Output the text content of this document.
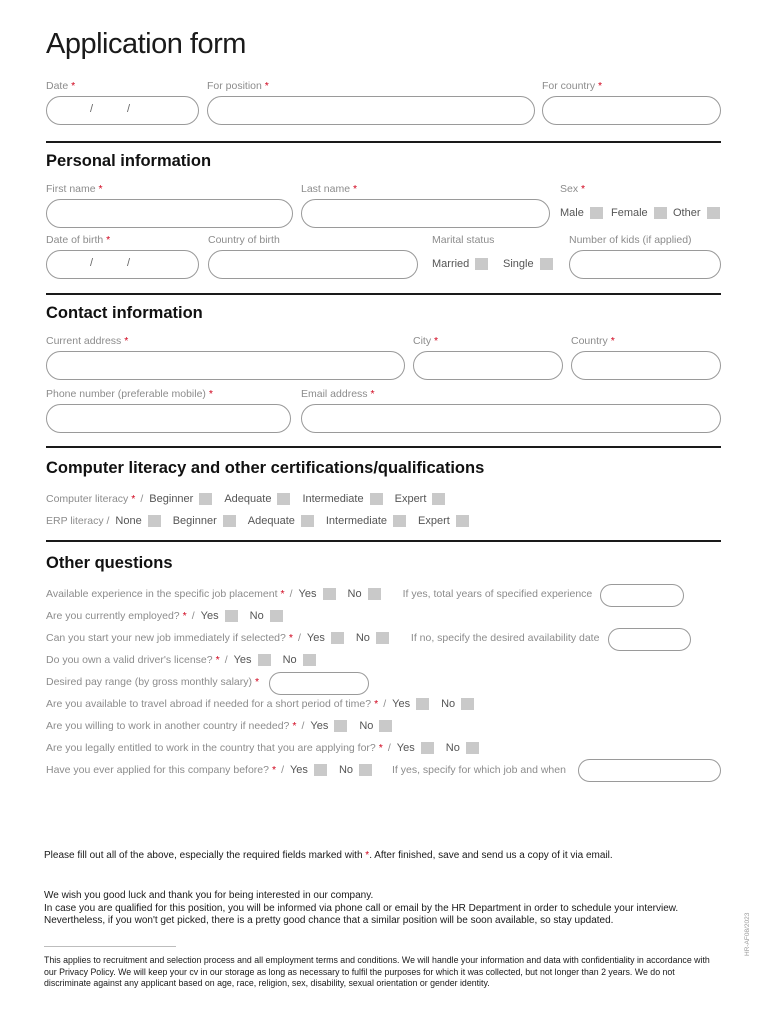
Application form
Date *
/	/
For position *	For country *
Personal information
First name *	Last name *	Sex *
Male Female Other
Date of birth *
/	/
Country of birth	Marital status
Married	Single
Number of kids (if applied)
Contact information
Current address *	City *	Country *
Phone number (preferable mobile) *	Email address *
Computer literacy and other certifications/qualifications
Computer literacy * / Beginner	Adequate	Intermediate	Expert
ERP literacy / None	Beginner	Adequate	Intermediate	Expert
Other questions
Available experience in the specific job placement * / Yes	No	If yes, total years of specified experience
Are you currently employed? * / Yes	No
Can you start your new job immediately if selected? * / Yes	No	If no, specify the desired availability date
Do you own a valid driver's license? * / Yes	No
Desired pay range (by gross monthly salary) *
Are you available to travel abroad if needed for a short period of time? * / Yes	No
Are you willing to work in another country if needed? * / Yes	No
Are you legally entitled to work in the country that you are applying for? * / Yes	No
Have you ever applied for this company before? * / Yes	No	If yes, specify for which job and when
Please fill out all of the above, especially the required fields marked with *. After finished, save and send us a copy of it via email.
We wish you good luck and thank you for being interested in our company.
In case you are qualified for this position, you will be informed via phone call or email by the HR Department in order to schedule your interview.
Nevertheless, if you won't get picked, there is a pretty good chance that a similar position will be soon available, so stay updated.	HR-AF08/2023
This applies to recruitment and selection process and all employment terms and conditions. We will handle your information and data with confidentiality in accordance with our Privacy Policy. We will keep your cv in our storage as long as necessary to fulfil the purposes for which it was collected, but not longer than 2 years. We do not discriminate against any applicant based on age, race, religion, sex, disability, sexual orientation or gender identity.
